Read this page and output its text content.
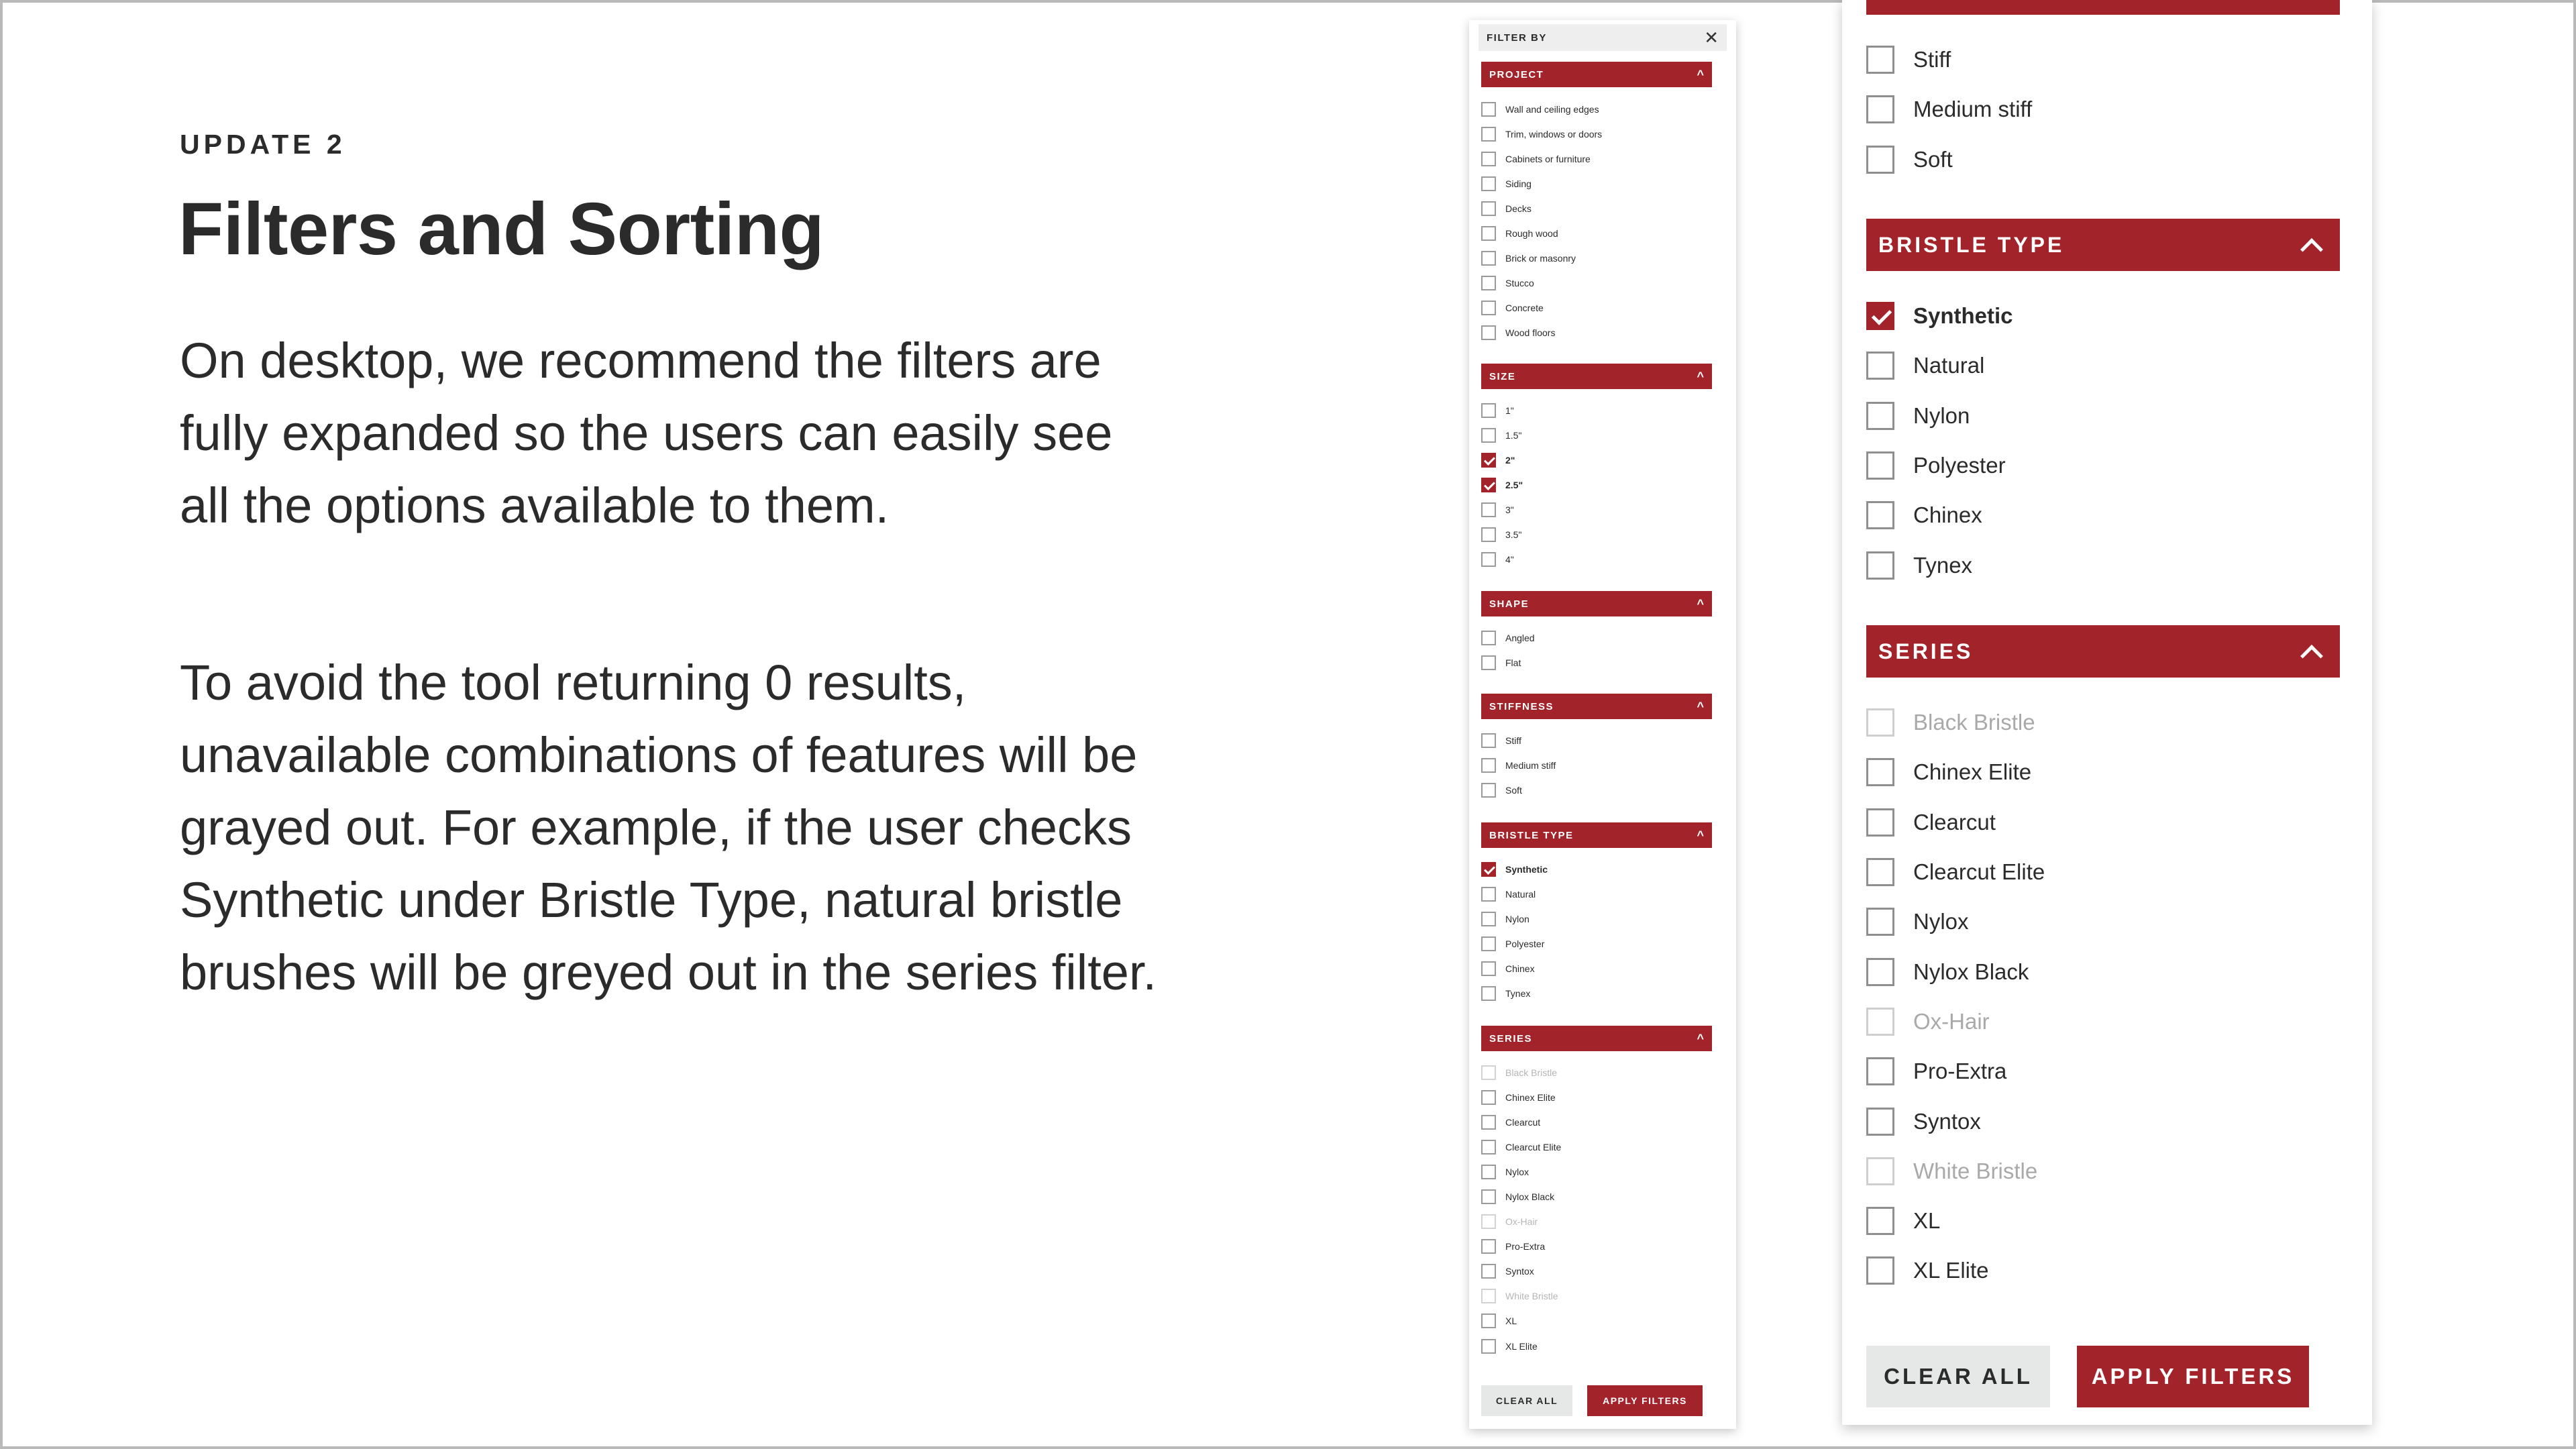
UPDATE 2
Filters and Sorting

On desktop, we recommend the filters are fully expanded so the users can easily see all the options available to them.

To avoid the tool returning 0 results, unavailable combinations of features will be grayed out. For example, if the user checks Synthetic under Bristle Type, natural bristle brushes will be greyed out in the series filter.

FILTER BY	✕
PROJECT	^
Wall and ceiling edges
Trim, windows or doors
Cabinets or furniture
Siding
Decks
Rough wood
Brick or masonry
Stucco
Concrete
Wood floors
SIZE	^
1"
1.5"
2"
2.5"
3"
3.5"
4"
SHAPE	^
Angled
Flat
STIFFNESS	^
Stiff
Medium stiff
Soft
BRISTLE TYPE	^
Synthetic
Natural
Nylon
Polyester
Chinex
Tynex
SERIES	^
Black Bristle
Chinex Elite
Clearcut
Clearcut Elite
Nylox
Nylox Black
Ox-Hair
Pro-Extra
Syntox
White Bristle
XL
XL Elite
CLEAR ALL	APPLY FILTERS
Stiff
Medium stiff
Soft
BRISTLE TYPE
Synthetic
Natural
Nylon
Polyester
Chinex
Tynex
SERIES
Black Bristle
Chinex Elite
Clearcut
Clearcut Elite
Nylox
Nylox Black
Ox-Hair
Pro-Extra
Syntox
White Bristle
XL
XL Elite
CLEAR ALL	APPLY FILTERS
